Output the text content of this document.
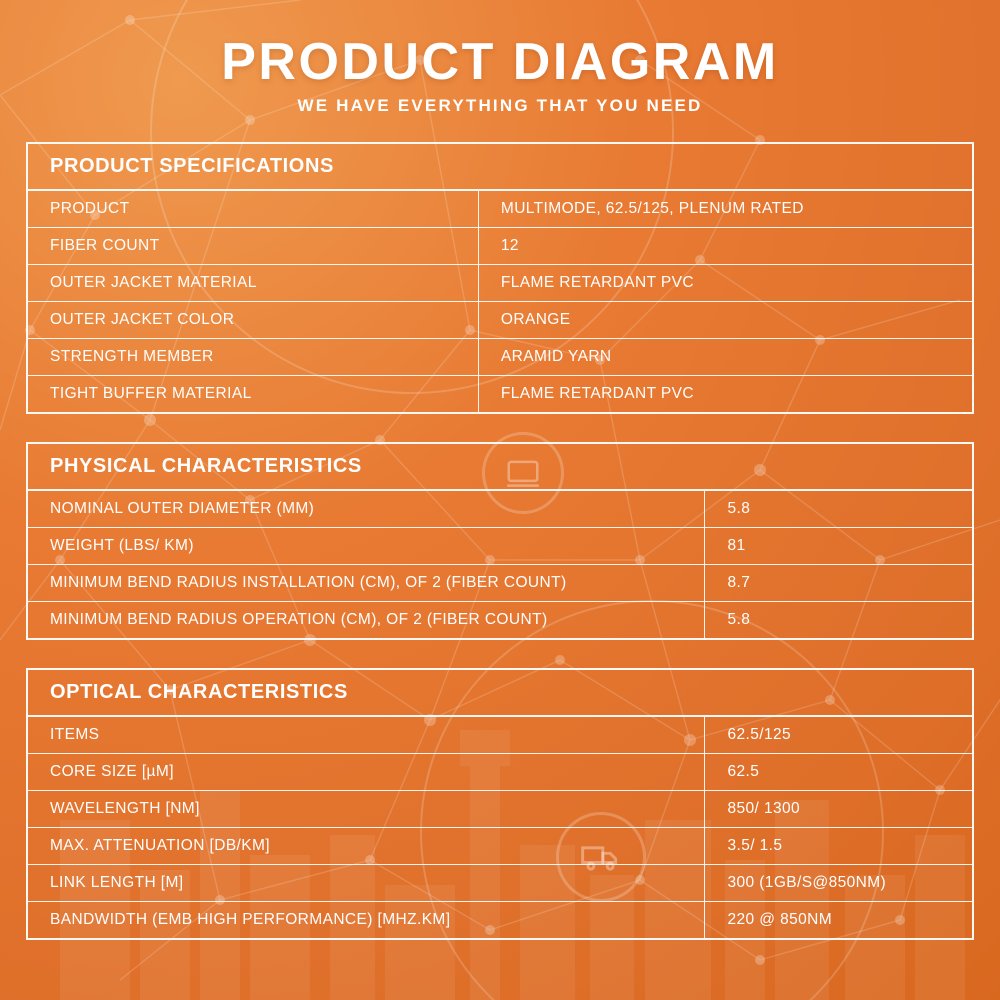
PRODUCT DIAGRAM

WE HAVE EVERYTHING THAT YOU NEED

PRODUCT SPECIFICATIONS
PRODUCT	MULTIMODE, 62.5/125, PLENUM RATED
FIBER COUNT	12
OUTER JACKET MATERIAL	FLAME RETARDANT PVC
OUTER JACKET COLOR	ORANGE
STRENGTH MEMBER	ARAMID YARN
TIGHT BUFFER MATERIAL	FLAME RETARDANT PVC
PHYSICAL CHARACTERISTICS
NOMINAL OUTER DIAMETER (MM)	5.8
WEIGHT (LBS/ KM)	81
MINIMUM BEND RADIUS INSTALLATION (CM), OF 2 (FIBER COUNT)	8.7
MINIMUM BEND RADIUS OPERATION (CM), OF 2 (FIBER COUNT)	5.8
OPTICAL CHARACTERISTICS
ITEMS	62.5/125
CORE SIZE [µM]	62.5
WAVELENGTH [NM]	850/ 1300
MAX. ATTENUATION [DB/KM]	3.5/ 1.5
LINK LENGTH [M]	300 (1GB/S@850NM)
BANDWIDTH (EMB HIGH PERFORMANCE) [MHZ.KM]	220 @ 850NM
